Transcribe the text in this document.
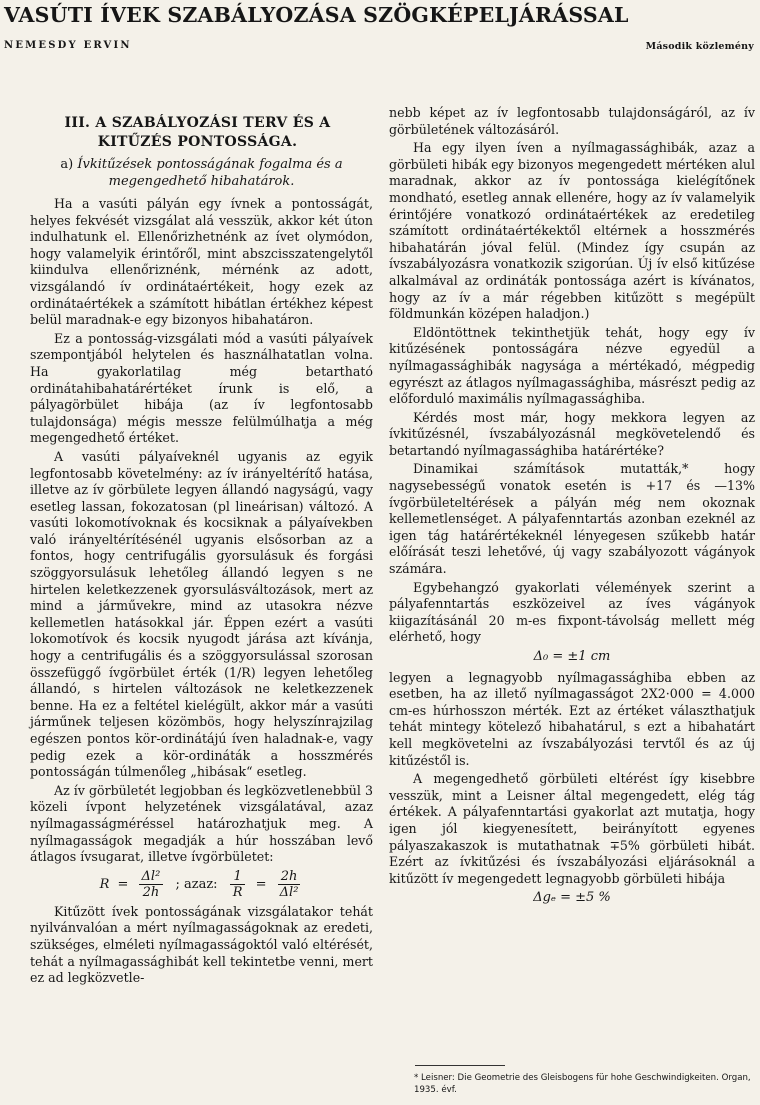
VASÚTI ÍVEK SZABÁLYOZÁSA SZÖGKÉPELJÁRÁSSAL
NEMESDY ERVIN	Második közlemény
III. A SZABÁLYOZÁSI TERV ÉS A KITŰZÉS PONTOSSÁGA.
a) Ívkitűzések pontosságának fogalma és a megengedhető hibahatárok.

Ha a vasúti pályán egy ívnek a pontosságát, helyes fekvését vizsgálat alá vesszük, akkor két úton indulhatunk el. Ellenőrizhetnénk az ívet olymódon, hogy valamelyik érintőről, mint abszcisszatengelytől kiindulva ellenőriznénk, mérnénk az adott, vizsgálandó ív ordinátaértékeit, hogy ezek az ordinátaértékek a számított hibátlan értékhez képest belül maradnak-e egy bizonyos hibahatáron.

Ez a pontosság-vizsgálati mód a vasúti pályaívek szempontjából helytelen és használhatatlan volna. Ha gyakorlatilag még betartható ordinátahibahatárértéket írunk is elő, a pályagörbület hibája (az ív legfontosabb tulajdonsága) mégis messze felülmúlhatja a még megengedhető értéket.

A vasúti pályaíveknél ugyanis az egyik legfontosabb követelmény: az ív irányeltérítő hatása, illetve az ív görbülete legyen állandó nagyságú, vagy esetleg lassan, fokozatosan (pl lineárisan) változó. A vasúti lokomotívoknak és kocsiknak a pályaívekben való irányeltérítésénél ugyanis elsősorban az a fontos, hogy centrifugális gyorsulásuk és forgási szöggyorsulásuk lehetőleg állandó legyen s ne hirtelen keletkezzenek gyorsulásváltozások, mert az mind a járművekre, mind az utasokra nézve kellemetlen hatásokkal jár. Éppen ezért a vasúti lokomotívok és kocsik nyugodt járása azt kívánja, hogy a centrifugális és a szöggyorsulással szorosan összefüggő ívgörbület érték (1/R) legyen lehetőleg állandó, s hirtelen változások ne keletkezzenek benne. Ha ez a feltétel kielégült, akkor már a vasúti járműnek teljesen közömbös, hogy helyszínrajzilag egészen pontos kör-ordinátájú íven haladnak-e, vagy pedig ezek a kör-ordináták a hosszmérés pontosságán túlmenőleg „hibásak“ esetleg.

Az ív görbületét legjobban és legközvetlenebbül 3 közeli ívpont helyzetének vizsgálatával, azaz nyílmagasságméréssel határozhatjuk meg. A nyílmagasságok megadják a húr hosszában levő átlagos ívsugarat, illetve ívgörbületet:

$R = \frac{\text{Δl²}}{2h}$ ; azaz: $\frac{1}{R} = \frac{2h}{\text{Δl²}}$

Kitűzött ívek pontosságának vizsgálatakor tehát nyilvánvalóan a mért nyílmagasságoknak az eredeti, szükséges, elméleti nyílmagasságoktól való eltérését, tehát a nyílmagassághibát kell tekintetbe venni, mert ez ad legközvetle-

nebb képet az ív legfontosabb tulajdonságáról, az ív görbületének változásáról.

Ha egy ilyen íven a nyílmagassághibák, azaz a görbületi hibák egy bizonyos megengedett mértéken alul maradnak, akkor az ív pontossága kielégítőnek mondható, esetleg annak ellenére, hogy az ív valamelyik érintőjére vonatkozó ordinátaértékek az eredetileg számított ordinátaértékektől eltérnek a hosszmérés hibahatárán jóval felül. (Mindez így csupán az ívszabályozásra vonatkozik szigorúan. Új ív első kitűzése alkalmával az ordináták pontossága azért is kívánatos, hogy az ív a már régebben kitűzött s megépült földmunkán középen haladjon.)

Eldöntöttnek tekinthetjük tehát, hogy egy ív kitűzésének pontosságára nézve egyedül a nyílmagassághibák nagysága a mértékadó, mégpedig egyrészt az átlagos nyílmagassághiba, másrészt pedig az előforduló maximális nyílmagassághiba.

Kérdés most már, hogy mekkora legyen az ívkitűzésnél, ívszabályozásnál megkövetelendő és betartandó nyílmagassághiba határértéke?

Dinamikai számítások mutatták,* hogy nagysebességű vonatok esetén is +17 és —13% ívgörbületeltérések a pályán még nem okoznak kellemetlenséget. A pályafenntartás azonban ezeknél az igen tág határértékeknél lényegesen szűkebb határ előírását teszi lehetővé, új vagy szabályozott vágányok számára.

Egybehangzó gyakorlati vélemények szerint a pályafenntartás eszközeivel az íves vágányok kiigazításánál 20 m-es fixpont-távolság mellett még elérhető, hogy

Δ₀ = ±1 cm

legyen a legnagyobb nyílmagassághiba ebben az esetben, ha az illető nyílmagasságot 2X2·000 = 4.000 cm-es húrhosszon mérték. Ezt az értéket választhatjuk tehát mintegy kötelező hibahatárul, s ezt a hibahatárt kell megkövetelni az ívszabályozási tervtől és az új kitűzéstől is.

A megengedhető görbületi eltérést így kisebbre vesszük, mint a Leisner által megengedett, elég tág értékek. A pályafenntartási gyakorlat azt mutatja, hogy igen jól kiegyenesített, beirányított egyenes pályaszakaszok is mutathatnak ∓5% görbületi hibát. Ezért az ívkitűzési és ívszabályozási eljárásoknál a kitűzött ív megengedett legnagyobb görbületi hibája

Δgₑ = ±5 %
* Leisner: Die Geometrie des Gleisbogens für hohe Geschwindigkeiten. Organ, 1935. évf.
